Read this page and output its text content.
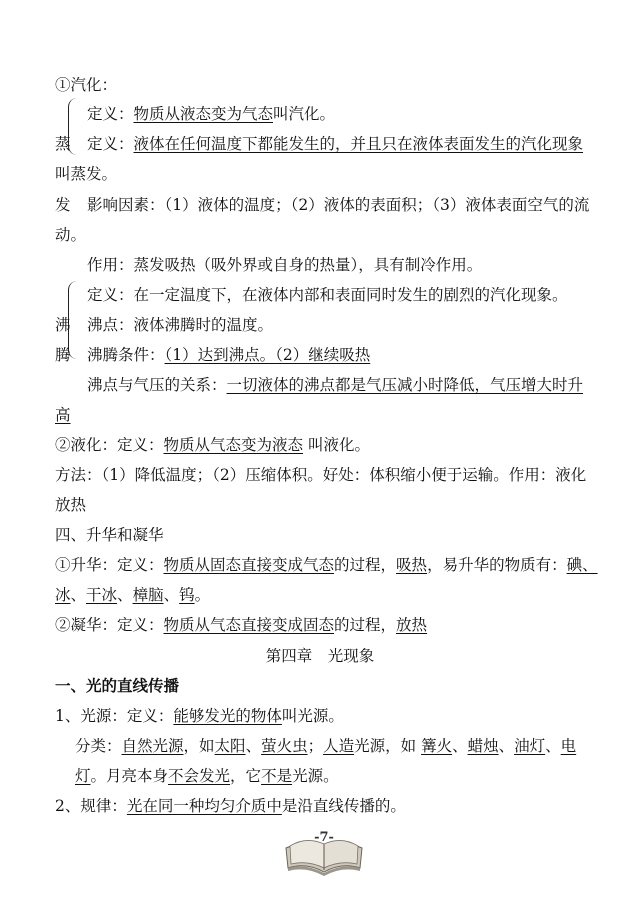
①汽化：
定义：物质从液态变为气态叫汽化。
蒸 定义：液体在任何温度下都能发生的，并且只在液体表面发生的汽化现象
叫蒸发。
发 影响因素：（1）液体的温度；（2）液体的表面积；（3）液体表面空气的流
动。
作用：蒸发吸热（吸外界或自身的热量），具有制冷作用。
定义：在一定温度下，在液体内部和表面同时发生的剧烈的汽化现象。
沸 沸点：液体沸腾时的温度。
腾 沸腾条件：（1）达到沸点。（2）继续吸热
沸点与气压的关系：一切液体的沸点都是气压减小时降低，气压增大时升
高
②液化：定义：物质从气态变为液态 叫液化。
方法：（1）降低温度；（2）压缩体积。好处：体积缩小便于运输。作用：液化
放热
四、升华和凝华
①升华：定义：物质从固态直接变成气态的过程，吸热，易升华的物质有：碘、
冰、干冰、樟脑、钨。
②凝华：定义：物质从气态直接变成固态的过程，放热
第四章　光现象
一、光的直线传播
1、光源：定义：能够发光的物体叫光源。
分类：自然光源，如太阳、萤火虫；人造光源，如 篝火、蜡烛、油灯、电
灯。月亮本身不会发光，它不是光源。
2、规律：光在同一种均匀介质中是沿直线传播的。
-7-
